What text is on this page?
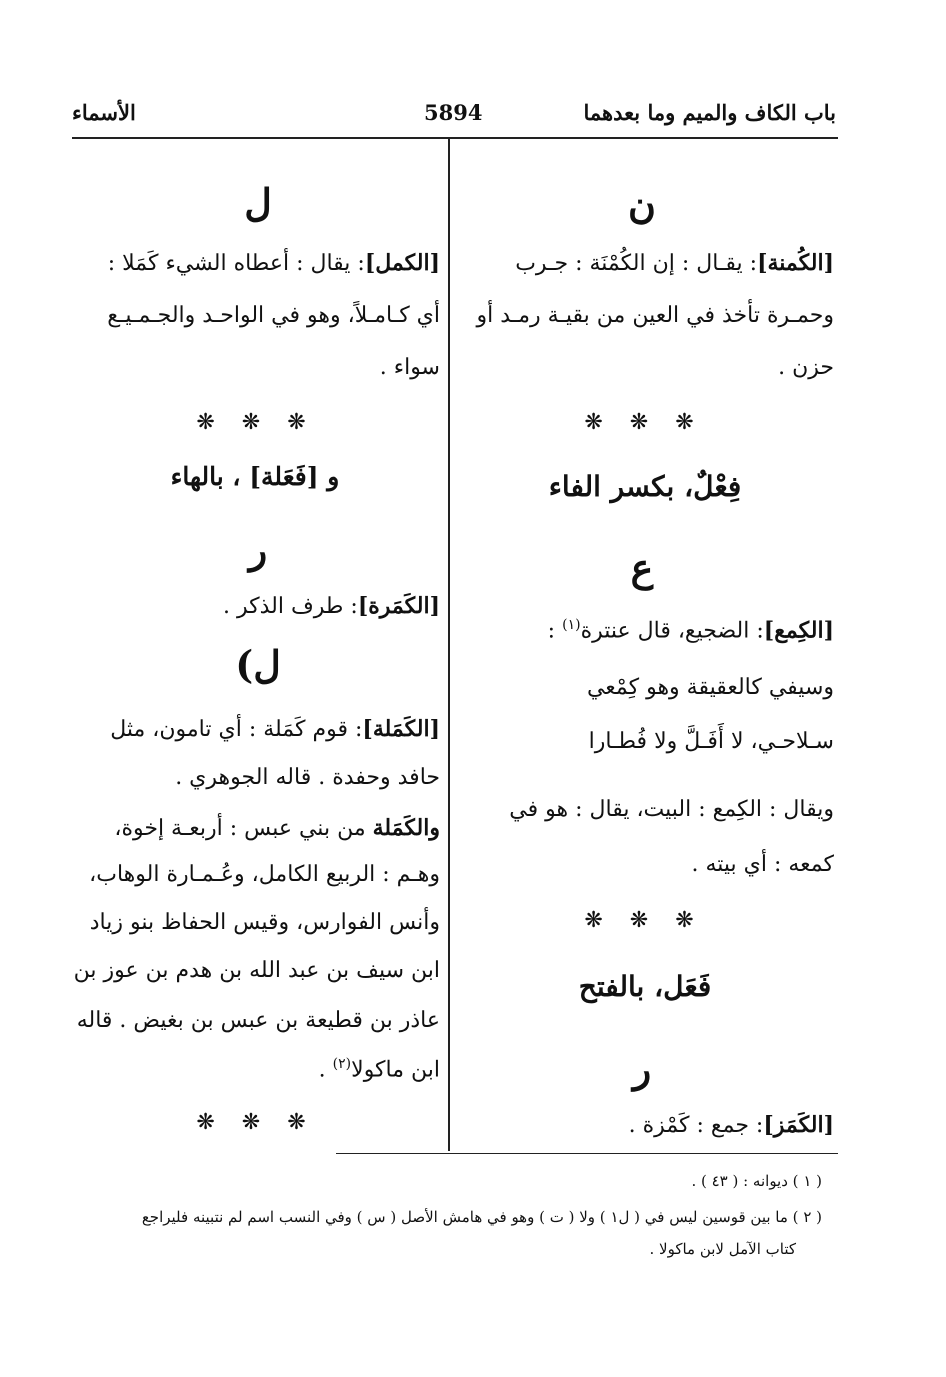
باب الكاف والميم وما بعدهما
5894
الأسماء
ن
[الكُمنة]: يقـال : إن الكُمْنَة : جـرب
وحمـرة تأخذ في العين من بقيـة رمـد أو
حزن .
❋ ❋ ❋
فِعْلٌ، بكسر الفاء
ع
[الكِمع]: الضجيع، قال عنترة$^{(١)}$ :
وسيفي كالعقيقة وهو كِمْعي
سـلاحـي، لا أَفَـلَّ ولا فُطـارا
ويقال : الكِمع : البيت، يقال : هو في
كمعه : أي بيته .
❋ ❋ ❋
فَعَل، بالفتح
ر
[الكَمَز]: جمع : كَمْزة .
ل
[الكمل]: يقال : أعطاه الشيء كَمَلا :
أي كـامـلاً، وهو في الواحـد والجـمـيـع
سواء .
❋ ❋ ❋
و [فَعَلة] ، بالهاء
ر
[الكَمَرة]: طرف الذكر .
(ل
[الكَمَلة]: قوم كَمَلة : أي تامون، مثل
حافد وحفدة . قاله الجوهري .
والكَمَلة من بني عبس : أربعـة إخوة،
وهـم : الربيع الكامل، وعُـمـارة الوهاب،
وأنس الفوارس، وقيس الحفاظ بنو زياد
ابن سيف بن عبد الله بن هدم بن عوز بن
عاذر بن قطيعة بن عبس بن بغيض . قاله
ابن ماكولا$^{(٢)}$ .
❋ ❋ ❋
( ١ ) ديوانه : ( ٤٣ ) .
( ٢ ) ما بين قوسين ليس في ( ل١ ) ولا ( ت ) وهو في هامش الأصل ( س ) وفي النسب اسم لم نتبينه فليراجع
كتاب الآمل لابن ماكولا .
